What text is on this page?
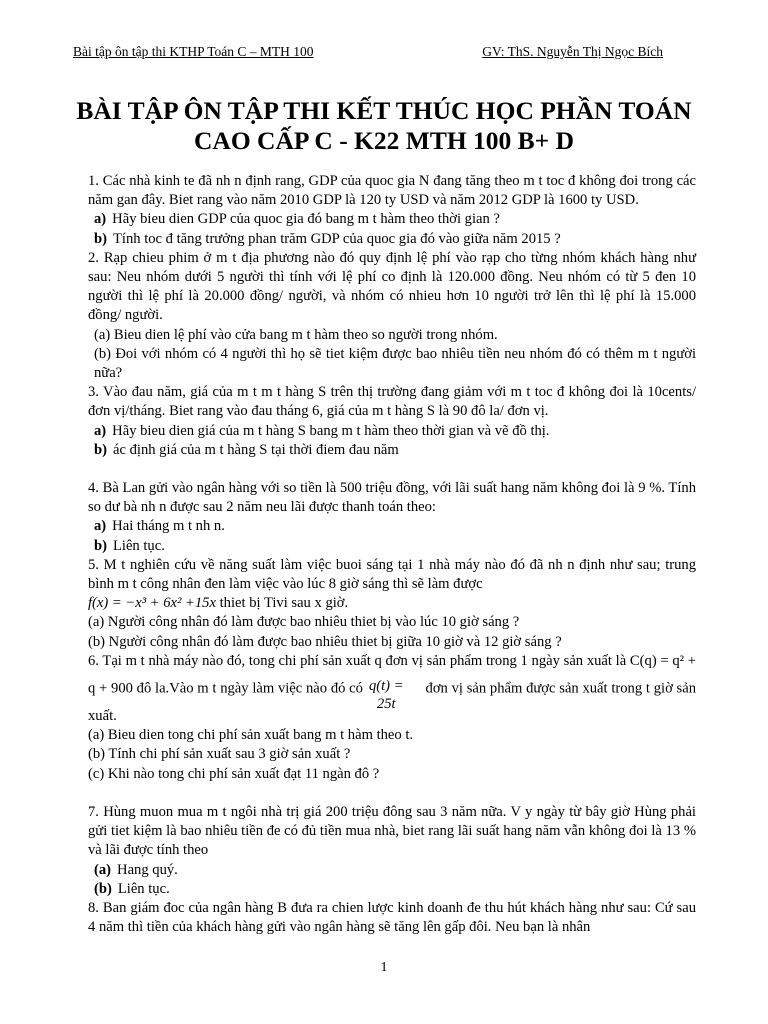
Bài tập ôn tập thi KTHP Toán C – MTH 100	GV: ThS. Nguyễn Thị Ngọc Bích
BÀI TẬP ÔN TẬP THI KẾT THÚC HỌC PHẦN TOÁN
CAO CẤP C - K22 MTH 100 B+ D

1. Các nhà kinh te đã nh n định rang, GDP của quoc gia N đang tăng theo m t toc đ không đoi trong các năm gan đây. Biet rang vào năm 2010 GDP là 120 ty USD và năm 2012 GDP là 1600 ty USD.

a) Hãy bieu dien GDP của quoc gia đó bang m t hàm theo thời gian ?

b) Tính toc đ tăng trưởng phan trăm GDP của quoc gia đó vào giữa năm 2015 ?

2. Rạp chieu phim ở m t địa phương nào đó quy định lệ phí vào rạp cho từng nhóm khách hàng như sau: Neu nhóm dưới 5 người thì tính với lệ phí co định là 120.000 đồng. Neu nhóm có từ 5 đen 10 người thì lệ phí là 20.000 đồng/ người, và nhóm có nhieu hơn 10 người trở lên thì lệ phí là 15.000 đồng/ người.

(a) Bieu dien lệ phí vào cửa bang m t hàm theo so người trong nhóm.

(b) Đoi với nhóm có 4 người thì họ sẽ tiet kiệm được bao nhiêu tiền neu nhóm đó có thêm m t người nữa?

3. Vào đau năm, giá của m t m t hàng S trên thị trường đang giảm với m t toc đ không đoi là 10cents/đơn vị/tháng. Biet rang vào đau tháng 6, giá của m t hàng S là 90 đô la/ đơn vị.

a) Hãy bieu dien giá của m t hàng S bang m t hàm theo thời gian và vẽ đồ thị.

b) ác định giá của m t hàng S tại thời điem đau năm

4. Bà Lan gửi vào ngân hàng với so tiền là 500 triệu đồng, với lãi suất hang năm không đoi là 9 %. Tính so dư bà nh n được sau 2 năm neu lãi được thanh toán theo:

a) Hai tháng m t nh n.

b) Liên tục.

5. M t nghiên cứu về năng suất làm việc buoi sáng tại 1 nhà máy nào đó đã nh n định như sau; trung bình m t công nhân đen làm việc vào lúc 8 giờ sáng thì sẽ làm được

f(x) = −x³ + 6x² +15x thiet bị Tivi sau x giờ.

(a) Người công nhân đó làm được bao nhiêu thiet bị vào lúc 10 giờ sáng ?

(b) Người công nhân đó làm được bao nhiêu thiet bị giữa 10 giờ và 12 giờ sáng ?

6. Tại m t nhà máy nào đó, tong chi phí sản xuất q đơn vị sản phẩm trong 1 ngày sản xuất là C(q) = q² + q + 900 đô la.Vào m t ngày làm việc nào đó có q(t) =
25t
đơn vị sản phẩm được sản xuất trong t giờ sản xuất.

(a) Bieu dien tong chi phí sản xuất bang m t hàm theo t.

(b) Tính chi phí sản xuất sau 3 giờ sản xuất ?

(c) Khi nào tong chi phí sản xuất đạt 11 ngàn đô ?

7. Hùng muon mua m t ngôi nhà trị giá 200 triệu đông sau 3 năm nữa. V y ngày từ bây giờ Hùng phải gửi tiet kiệm là bao nhiêu tiền đe có đủ tiền mua nhà, biet rang lãi suất hang năm vẫn không đoi là 13 % và lãi được tính theo

(a) Hang quý.

(b) Liên tục.

8. Ban giám đoc của ngân hàng B đưa ra chien lược kinh doanh đe thu hút khách hàng như sau: Cứ sau 4 năm thì tiền của khách hàng gửi vào ngân hàng sẽ tăng lên gấp đôi. Neu bạn là nhân

1
